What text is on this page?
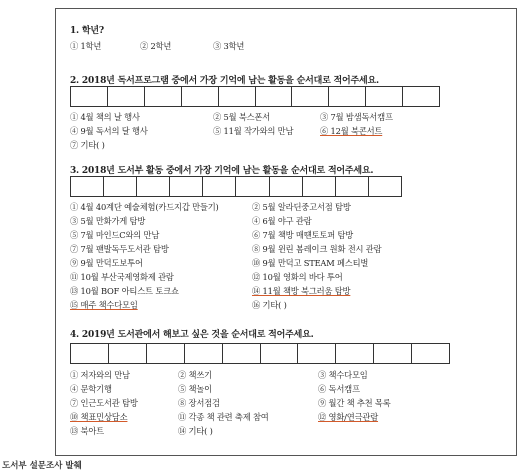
1. 학년?
① 1학년	② 2학년	③ 3학년
2. 2018년 독서프로그램 중에서 가장 기억에 남는 활동을 순서대로 적어주세요.
① 4월 책의 날 행사	② 5월 북스폰서	③ 7월 밤샘독서캠프
④ 9월 독서의 달 행사	⑤ 11월 작가와의 만남	⑥ 12월 북콘서트
⑦ 기타( )
3. 2018년 도서부 활동 중에서 가장 기억에 남는 활동을 순서대로 적어주세요.
① 4월 40계단 예술체험(카드지갑 만들기)	② 5월 알라딘중고서점 탐방
③ 5월 만화가게 탐방	④ 6월 야구 관람
⑤ 7월 마인드C와의 만남	⑥ 7월 책방 매떈토토퍼 탐방
⑦ 7월 팬발독두도서관 탐방	⑧ 9월 윈린 봄레이크 원화 전시 관람
⑨ 9월 만덕도보투어	⑩ 9월 만덕고 STEAM 페스티벌
⑪ 10월 부산국제영화제 관람	⑫ 10월 영화의 바다 투어
⑬ 10월 BOF 아티스트 토크쇼	⑭ 11월 책방 북그러움 탐방
⑮ 매주 책수다모임	⑯ 기타( )
4. 2019년 도서관에서 해보고 싶은 것을 순서대로 적어주세요.
① 저자와의 만남	② 책쓰기	③ 책수다모임
④ 문학기행	⑤ 책놀이	⑥ 독서캠프
⑦ 인근도서관 탐방	⑧ 장서점검	⑨ 월간 책 추천 목록
⑩ 책표민상담소	⑪ 각종 책 관련 축제 참여	⑫ 영화/연극관람
⑬ 북아트	⑭ 기타( )
도서부 설문조사 발췌
